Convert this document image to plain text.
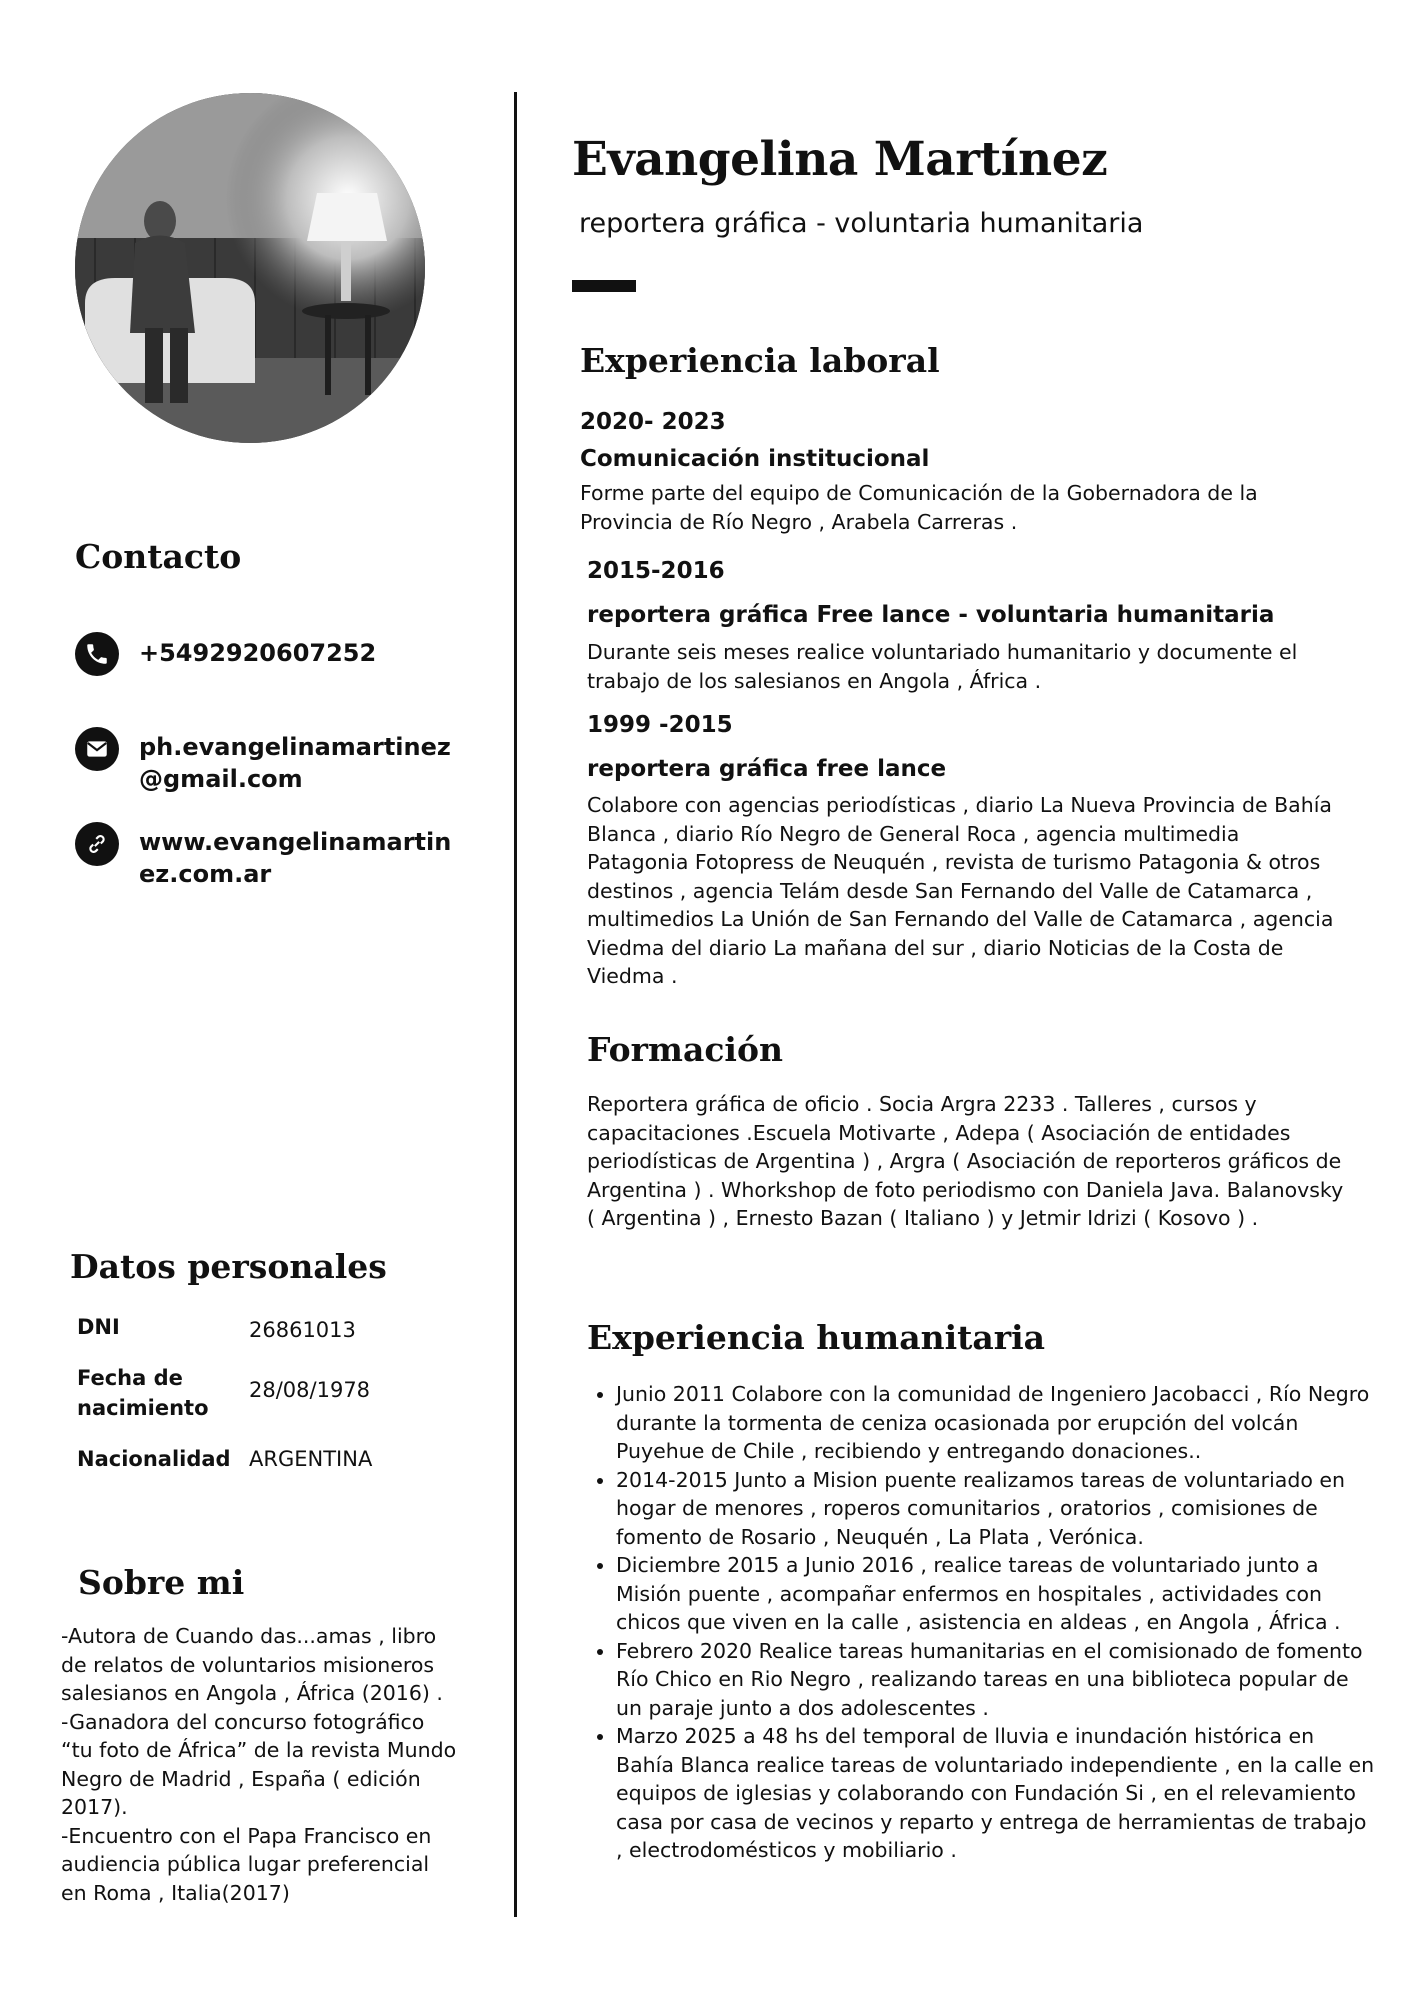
Contacto
+5492920607252
ph.evangelinamartinez@gmail.com
www.evangelinamartinez.com.ar
Datos personales
DNI	26861013
Fecha de nacimiento
28/08/1978
Nacionalidad ARGENTINA
Sobre mi
-Autora de Cuando das...amas , libro de relatos de voluntarios misioneros salesianos en Angola , África (2016) .
-Ganadora del concurso fotográfico “tu foto de África” de la revista Mundo Negro de Madrid , España ( edición 2017).
-Encuentro con el Papa Francisco en audiencia pública lugar preferencial en Roma , Italia(2017)
Evangelina Martínez
reportera gráfica - voluntaria humanitaria
Experiencia laboral
2020- 2023
Comunicación institucional
Forme parte del equipo de Comunicación de la Gobernadora de la Provincia de Río Negro , Arabela Carreras .
2015-2016
reportera gráfica Free lance - voluntaria humanitaria
Durante seis meses realice voluntariado humanitario y documente el trabajo de los salesianos en Angola , África .
1999 -2015
reportera gráfica free lance
Colabore con agencias periodísticas , diario La Nueva Provincia de Bahía Blanca , diario Río Negro de General Roca , agencia multimedia Patagonia Fotopress de Neuquén , revista de turismo Patagonia & otros destinos , agencia Telám desde San Fernando del Valle de Catamarca , multimedios La Unión de San Fernando del Valle de Catamarca , agencia Viedma del diario La mañana del sur , diario Noticias de la Costa de Viedma .
Formación
Reportera gráfica de oficio . Socia Argra 2233 . Talleres , cursos y capacitaciones .Escuela Motivarte , Adepa ( Asociación de entidades periodísticas de Argentina ) , Argra ( Asociación de reporteros gráficos de Argentina ) . Whorkshop de foto periodismo con Daniela Java. Balanovsky ( Argentina ) , Ernesto Bazan ( Italiano ) y Jetmir Idrizi ( Kosovo ) .
Experiencia humanitaria
• Junio 2011 Colabore con la comunidad de Ingeniero Jacobacci , Río Negro durante la tormenta de ceniza ocasionada por erupción del volcán Puyehue de Chile , recibiendo y entregando donaciones..
• 2014-2015 Junto a Mision puente realizamos tareas de voluntariado en hogar de menores , roperos comunitarios , oratorios , comisiones de fomento de Rosario , Neuquén , La Plata , Verónica.
• Diciembre 2015 a Junio 2016 , realice tareas de voluntariado junto a Misión puente , acompañar enfermos en hospitales , actividades con chicos que viven en la calle , asistencia en aldeas , en Angola , África .
• Febrero 2020 Realice tareas humanitarias en el comisionado de fomento Río Chico en Rio Negro , realizando tareas en una biblioteca popular de un paraje junto a dos adolescentes .
• Marzo 2025 a 48 hs del temporal de lluvia e inundación histórica en Bahía Blanca realice tareas de voluntariado independiente , en la calle en equipos de iglesias y colaborando con Fundación Si , en el relevamiento casa por casa de vecinos y reparto y entrega de herramientas de trabajo , electrodomésticos y mobiliario .
